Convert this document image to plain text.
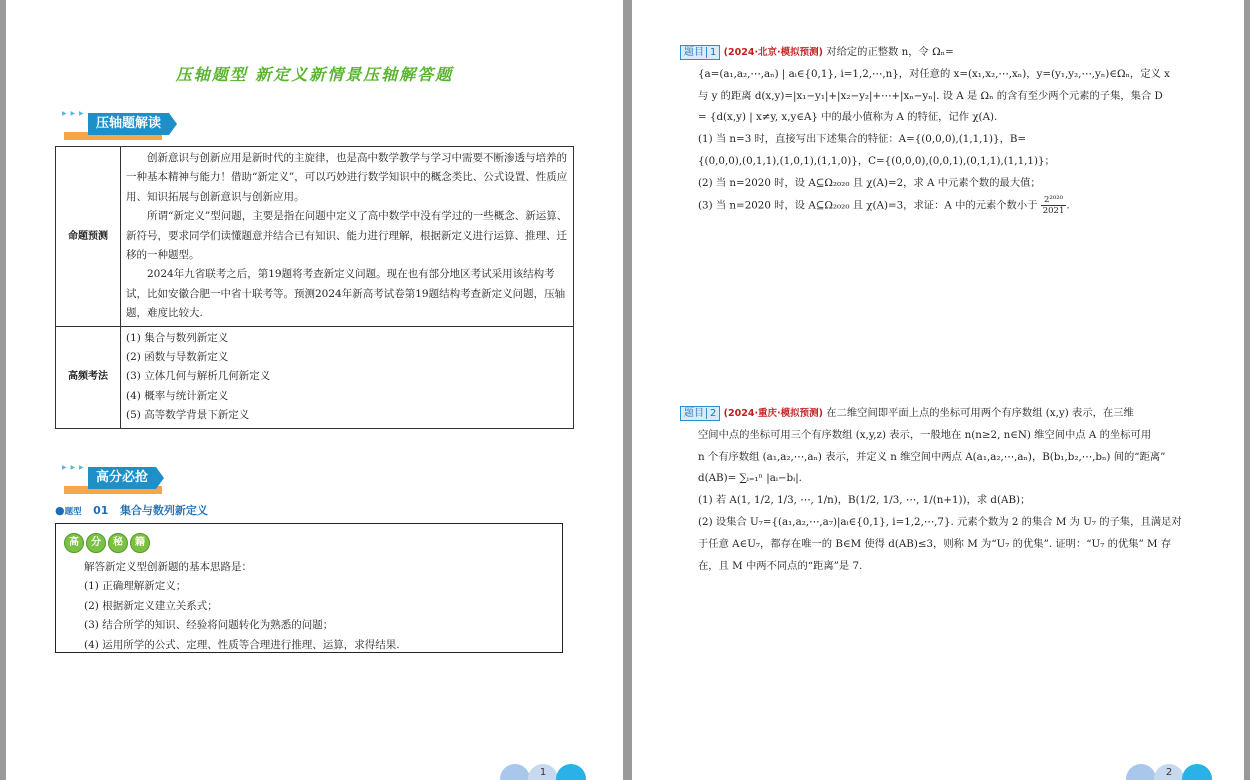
压轴题型 新定义新情景压轴解答题
▶ ▶ ▶
压轴题解读
命题预测	创新意识与创新应用是新时代的主旋律，也是高中数学教学与学习中需要不断渗透与培养的一种基本精神与能力！借助“新定义”，可以巧妙进行数学知识中的概念类比、公式设置、性质应用、知识拓展与创新意识与创新应用。

所谓“新定义”型问题，主要是指在问题中定义了高中数学中没有学过的一些概念、新运算、新符号，要求同学们读懂题意并结合已有知识、能力进行理解，根据新定义进行运算、推理、迁移的一种题型。

2024年九省联考之后，第19题将考查新定义问题。现在也有部分地区考试采用该结构考试，比如安徽合肥一中省十联考等。预测2024年新高考试卷第19题结构考查新定义问题，压轴题，难度比较大.

高频考法	(1) 集合与数列新定义

(2) 函数与导数新定义

(3) 立体几何与解析几何新定义

(4) 概率与统计新定义

(5) 高等数学背景下新定义

▶ ▶ ▶
高分必抢
●题型 01 集合与数列新定义
高 分 秘 籍

解答新定义型创新题的基本思路是：

(1) 正确理解新定义；

(2) 根据新定义建立关系式；

(3) 结合所学的知识、经验将问题转化为熟悉的问题；

(4) 运用所学的公式、定理、性质等合理进行推理、运算，求得结果.

1

题目 1 (2024·北京·模拟预测) 对给定的正整数 n，令 Ωₙ=

{a=(a₁,a₂,⋯,aₙ) | aᵢ∈{0,1}, i=1,2,⋯,n}，对任意的 x=(x₁,x₂,⋯,xₙ)，y=(y₁,y₂,⋯,yₙ)∈Ωₙ，定义 x

与 y 的距离 d(x,y)=|x₁−y₁|+|x₂−y₂|+⋯+|xₙ−yₙ|. 设 A 是 Ωₙ 的含有至少两个元素的子集，集合 D

= {d(x,y) | x≠y, x,y∈A} 中的最小值称为 A 的特征，记作 χ(A).

(1) 当 n=3 时，直接写出下述集合的特征：A={(0,0,0),(1,1,1)}，B=

{(0,0,0),(0,1,1),(1,0,1),(1,1,0)}，C={(0,0,0),(0,0,1),(0,1,1),(1,1,1)}；

(2) 当 n=2020 时，设 A⊆Ω₂₀₂₀ 且 χ(A)=2，求 A 中元素个数的最大值；

(3) 当 n=2020 时，设 A⊆Ω₂₀₂₀ 且 χ(A)=3，求证：A 中的元素个数小于 $\frac{\text{2²⁰²⁰}}{2021}$ .

题目 2 (2024·重庆·模拟预测) 在二维空间即平面上点的坐标可用两个有序数组 (x,y) 表示，在三维

空间中点的坐标可用三个有序数组 (x,y,z) 表示，一般地在 n(n≥2, n∈N) 维空间中点 A 的坐标可用

n 个有序数组 (a₁,a₂,⋯,aₙ) 表示，并定义 n 维空间中两点 A(a₁,a₂,⋯,aₙ)，B(b₁,b₂,⋯,bₙ) 间的“距离”

d(AB)= ∑ᵢ₌₁ⁿ |aᵢ−bᵢ|.

(1) 若 A(1, 1/2, 1/3, ⋯, 1/n)，B(1/2, 1/3, ⋯, 1/(n+1))，求 d(AB)；

(2) 设集合 U₇={(a₁,a₂,⋯,a₇)|aᵢ∈{0,1}, i=1,2,⋯,7}. 元素个数为 2 的集合 M 为 U₇ 的子集，且满足对

于任意 A∈U₇，都存在唯一的 B∈M 使得 d(AB)≤3，则称 M 为“U₇ 的优集”. 证明：“U₇ 的优集” M 存

在，且 M 中两不同点的“距离”是 7.

2
